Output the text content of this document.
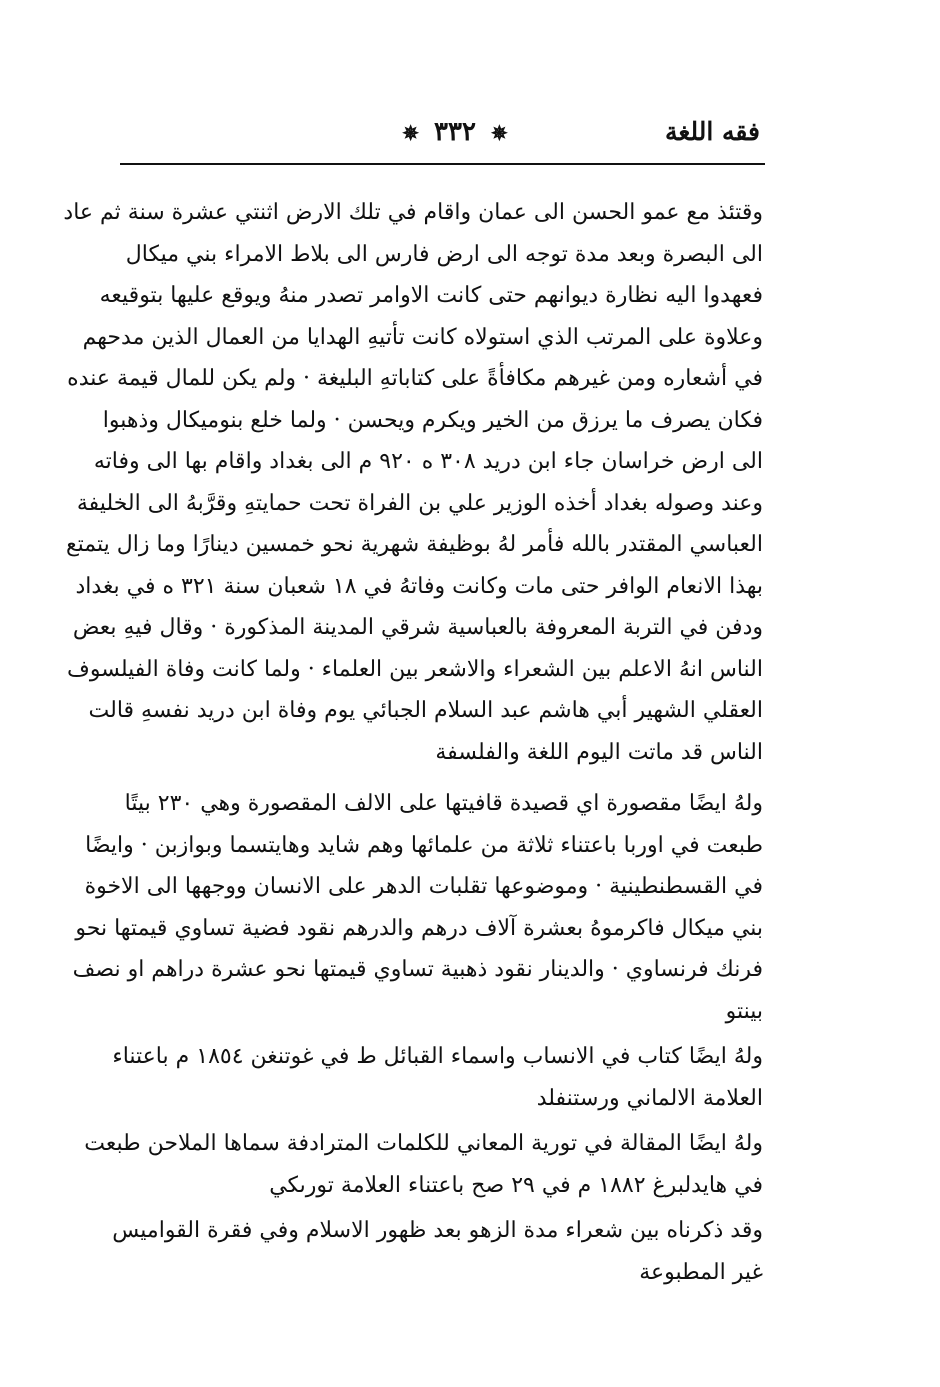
فقه اللغة
✵ ٣٣٢ ✵
وقتئذ مع عمو الحسن الى عمان واقام في تلك الارض اثنتي عشرة سنة ثم عاد
الى البصرة وبعد مدة توجه الى ارض فارس الى بلاط الامراء بني ميكال
فعهدوا اليه نظارة ديوانهم حتى كانت الاوامر تصدر منهُ ويوقع عليها بتوقيعه
وعلاوة على المرتب الذي استولاه كانت تأتيهِ الهدايا من العمال الذين مدحهم
في أشعاره ومن غيرهم مكافأةً على كتاباتهِ البليغة · ولم يكن للمال قيمة عنده
فكان يصرف ما يرزق من الخير ويكرم ويحسن · ولما خلع بنوميكال وذهبوا
الى ارض خراسان جاء ابن دريد ٣٠٨ ه ٩٢٠ م الى بغداد واقام بها الى وفاته
وعند وصوله بغداد أخذه الوزير علي بن الفراة تحت حمايتهِ وقرَّبهُ الى الخليفة
العباسي المقتدر بالله فأمر لهُ بوظيفة شهرية نحو خمسين دينارًا وما زال يتمتع
بهذا الانعام الوافر حتى مات وكانت وفاتهُ في ١٨ شعبان سنة ٣٢١ ه في بغداد
ودفن في التربة المعروفة بالعباسية شرقي المدينة المذكورة · وقال فيهِ بعض
الناس انهُ الاعلم بين الشعراء والاشعر بين العلماء · ولما كانت وفاة الفيلسوف
العقلي الشهير أبي هاشم عبد السلام الجبائي يوم وفاة ابن دريد نفسهِ قالت
الناس قد ماتت اليوم اللغة والفلسفة
ولهُ ايضًا مقصورة اي قصيدة قافيتها على الالف المقصورة وهي ٢٣٠ بيتًا
طبعت في اوربا باعتناء ثلاثة من علمائها وهم شايد وهايتسما وبوازبن · وايضًا
في القسطنطينية · وموضوعها تقلبات الدهر على الانسان ووجهها الى الاخوة
بني ميكال فاكرموهُ بعشرة آلاف درهم والدرهم نقود فضية تساوي قيمتها نحو
فرنك فرنساوي · والدينار نقود ذهبية تساوي قيمتها نحو عشرة دراهم او نصف
بينتو
ولهُ ايضًا كتاب في الانساب واسماء القبائل ط في غوتنغن ١٨٥٤ م باعتناء
العلامة الالماني ورستنفلد
ولهُ ايضًا المقالة في تورية المعاني للكلمات المترادفة سماها الملاحن طبعت
في هايدلبرغ ١٨٨٢ م في ٢٩ صح باعتناء العلامة تورىكي
وقد ذكرناه بين شعراء مدة الزهو بعد ظهور الاسلام وفي فقرة القواميس
غير المطبوعة
